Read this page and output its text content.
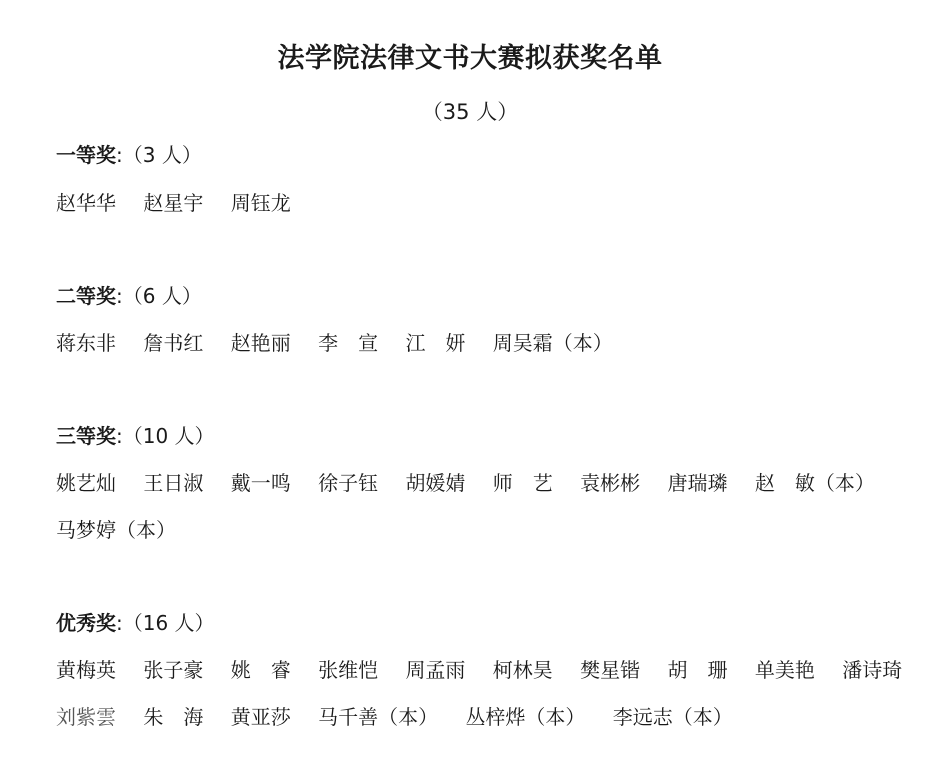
法学院法律文书大赛拟获奖名单
（35 人）
一等奖:（3 人）
赵华华 赵星宇 周钰龙
二等奖:（6 人）
蒋东非 詹书红 赵艳丽 李　宣 江　妍 周吴霜（本）
三等奖:（10 人）
姚艺灿 王日淑 戴一鸣 徐子钰 胡媛婧 师　艺 袁彬彬 唐瑞璘 赵　敏（本）
马梦婷（本）
优秀奖:（16 人）
黄梅英 张子豪 姚　睿 张维恺 周孟雨 柯林昊 樊星锴 胡　珊 单美艳 潘诗琦
刘紫雲 朱　海 黄亚莎 马千善（本） 丛梓烨（本） 李远志（本）
